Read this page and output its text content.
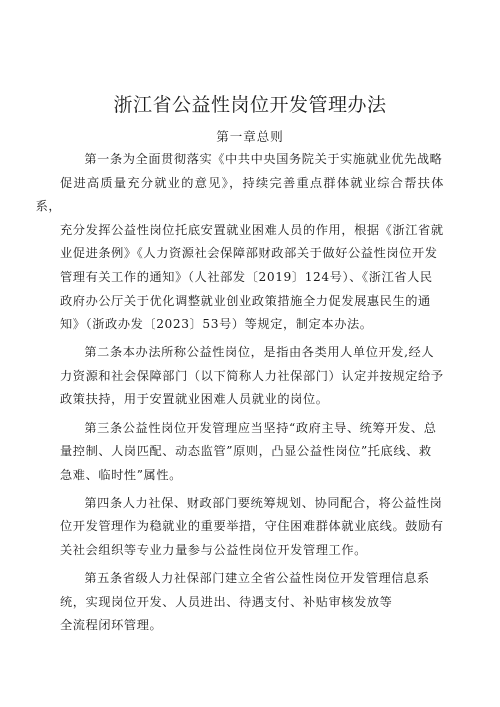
浙江省公益性岗位开发管理办法
第一章总则

第一条为全面贯彻落实《中共中央国务院关于实施就业优先战略
促进高质量充分就业的意见》，持续完善重点群体就业综合帮扶体系，
充分发挥公益性岗位托底安置就业困难人员的作用，根据《浙江省就
业促进条例》《人力资源社会保障部财政部关于做好公益性岗位开发
管理有关工作的通知》（人社部发〔2019〕124号）、《浙江省人民
政府办公厅关于优化调整就业创业政策措施全力促发展惠民生的通
知》（浙政办发〔2023〕53号）等规定，制定本办法。

第二条本办法所称公益性岗位，是指由各类用人单位开发,经人
力资源和社会保障部门（以下简称人力社保部门）认定并按规定给予
政策扶持，用于安置就业困难人员就业的岗位。

第三条公益性岗位开发管理应当坚持“政府主导、统筹开发、总
量控制、人岗匹配、动态监管”原则，凸显公益性岗位”托底线、救
急难、临时性”属性。

第四条人力社保、财政部门要统筹规划、协同配合，将公益性岗
位开发管理作为稳就业的重要举措，守住困难群体就业底线。鼓励有
关社会组织等专业力量参与公益性岗位开发管理工作。

第五条省级人力社保部门建立全省公益性岗位开发管理信息系
统，实现岗位开发、人员进出、待遇支付、补贴审核发放等
全流程闭环管理。
